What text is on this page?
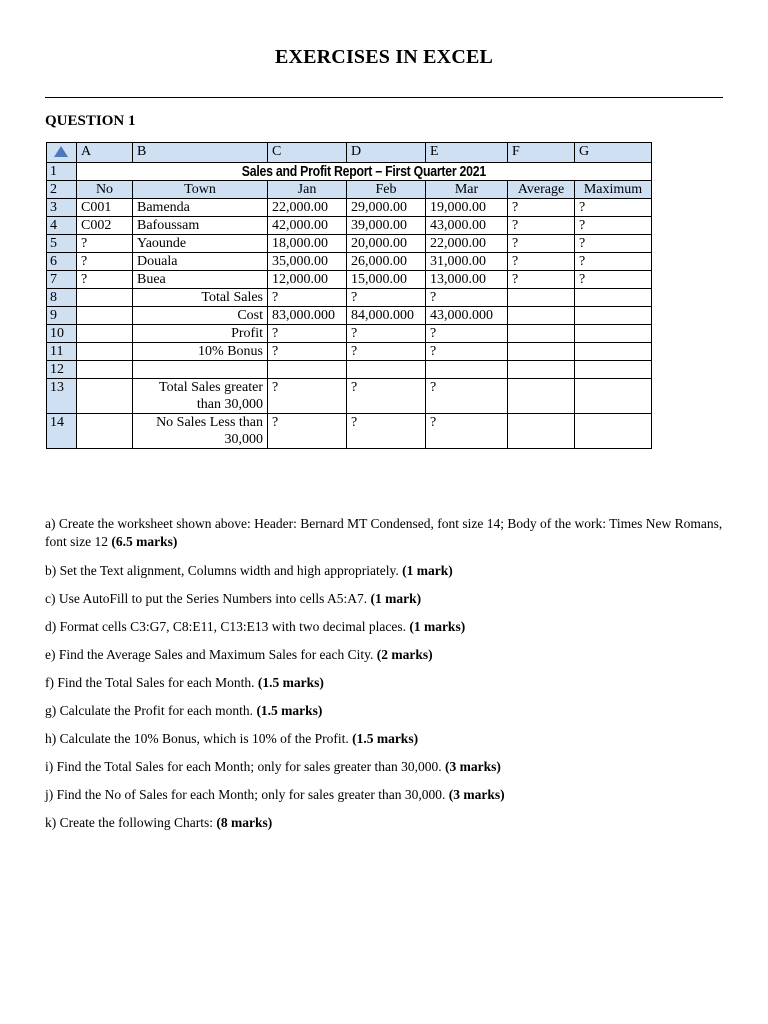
EXERCISES IN EXCEL
QUESTION 1
	A	B	C	D	E	F	G
1	Sales and Profit Report – First Quarter 2021						
2	No	Town	Jan	Feb	Mar	Average	Maximum
3	C001	Bamenda	22,000.00	29,000.00	19,000.00	?	?
4	C002	Bafoussam	42,000.00	39,000.00	43,000.00	?	?
5	?	Yaounde	18,000.00	20,000.00	22,000.00	?	?
6	?	Douala	35,000.00	26,000.00	31,000.00	?	?
7	?	Buea	12,000.00	15,000.00	13,000.00	?	?
8		Total Sales	?	?	?		
9		Cost	83,000.000	84,000.000	43,000.000		
10		Profit	?	?	?		
11		10% Bonus	?	?	?		
12							
13		Total Sales greater than 30,000	?	?	?		
14		No Sales Less than 30,000	?	?	?		
a) Create the worksheet shown above: Header: Bernard MT Condensed, font size 14; Body of the work: Times New Romans, font size 12 (6.5 marks)
b) Set the Text alignment, Columns width and high appropriately. (1 mark)
c) Use AutoFill to put the Series Numbers into cells A5:A7. (1 mark)
d) Format cells C3:G7, C8:E11, C13:E13 with two decimal places. (1 marks)
e) Find the Average Sales and Maximum Sales for each City. (2 marks)
f) Find the Total Sales for each Month. (1.5 marks)
g) Calculate the Profit for each month. (1.5 marks)
h) Calculate the 10% Bonus, which is 10% of the Profit. (1.5 marks)
i) Find the Total Sales for each Month; only for sales greater than 30,000. (3 marks)
j) Find the No of Sales for each Month; only for sales greater than 30,000. (3 marks)
k) Create the following Charts: (8 marks)
